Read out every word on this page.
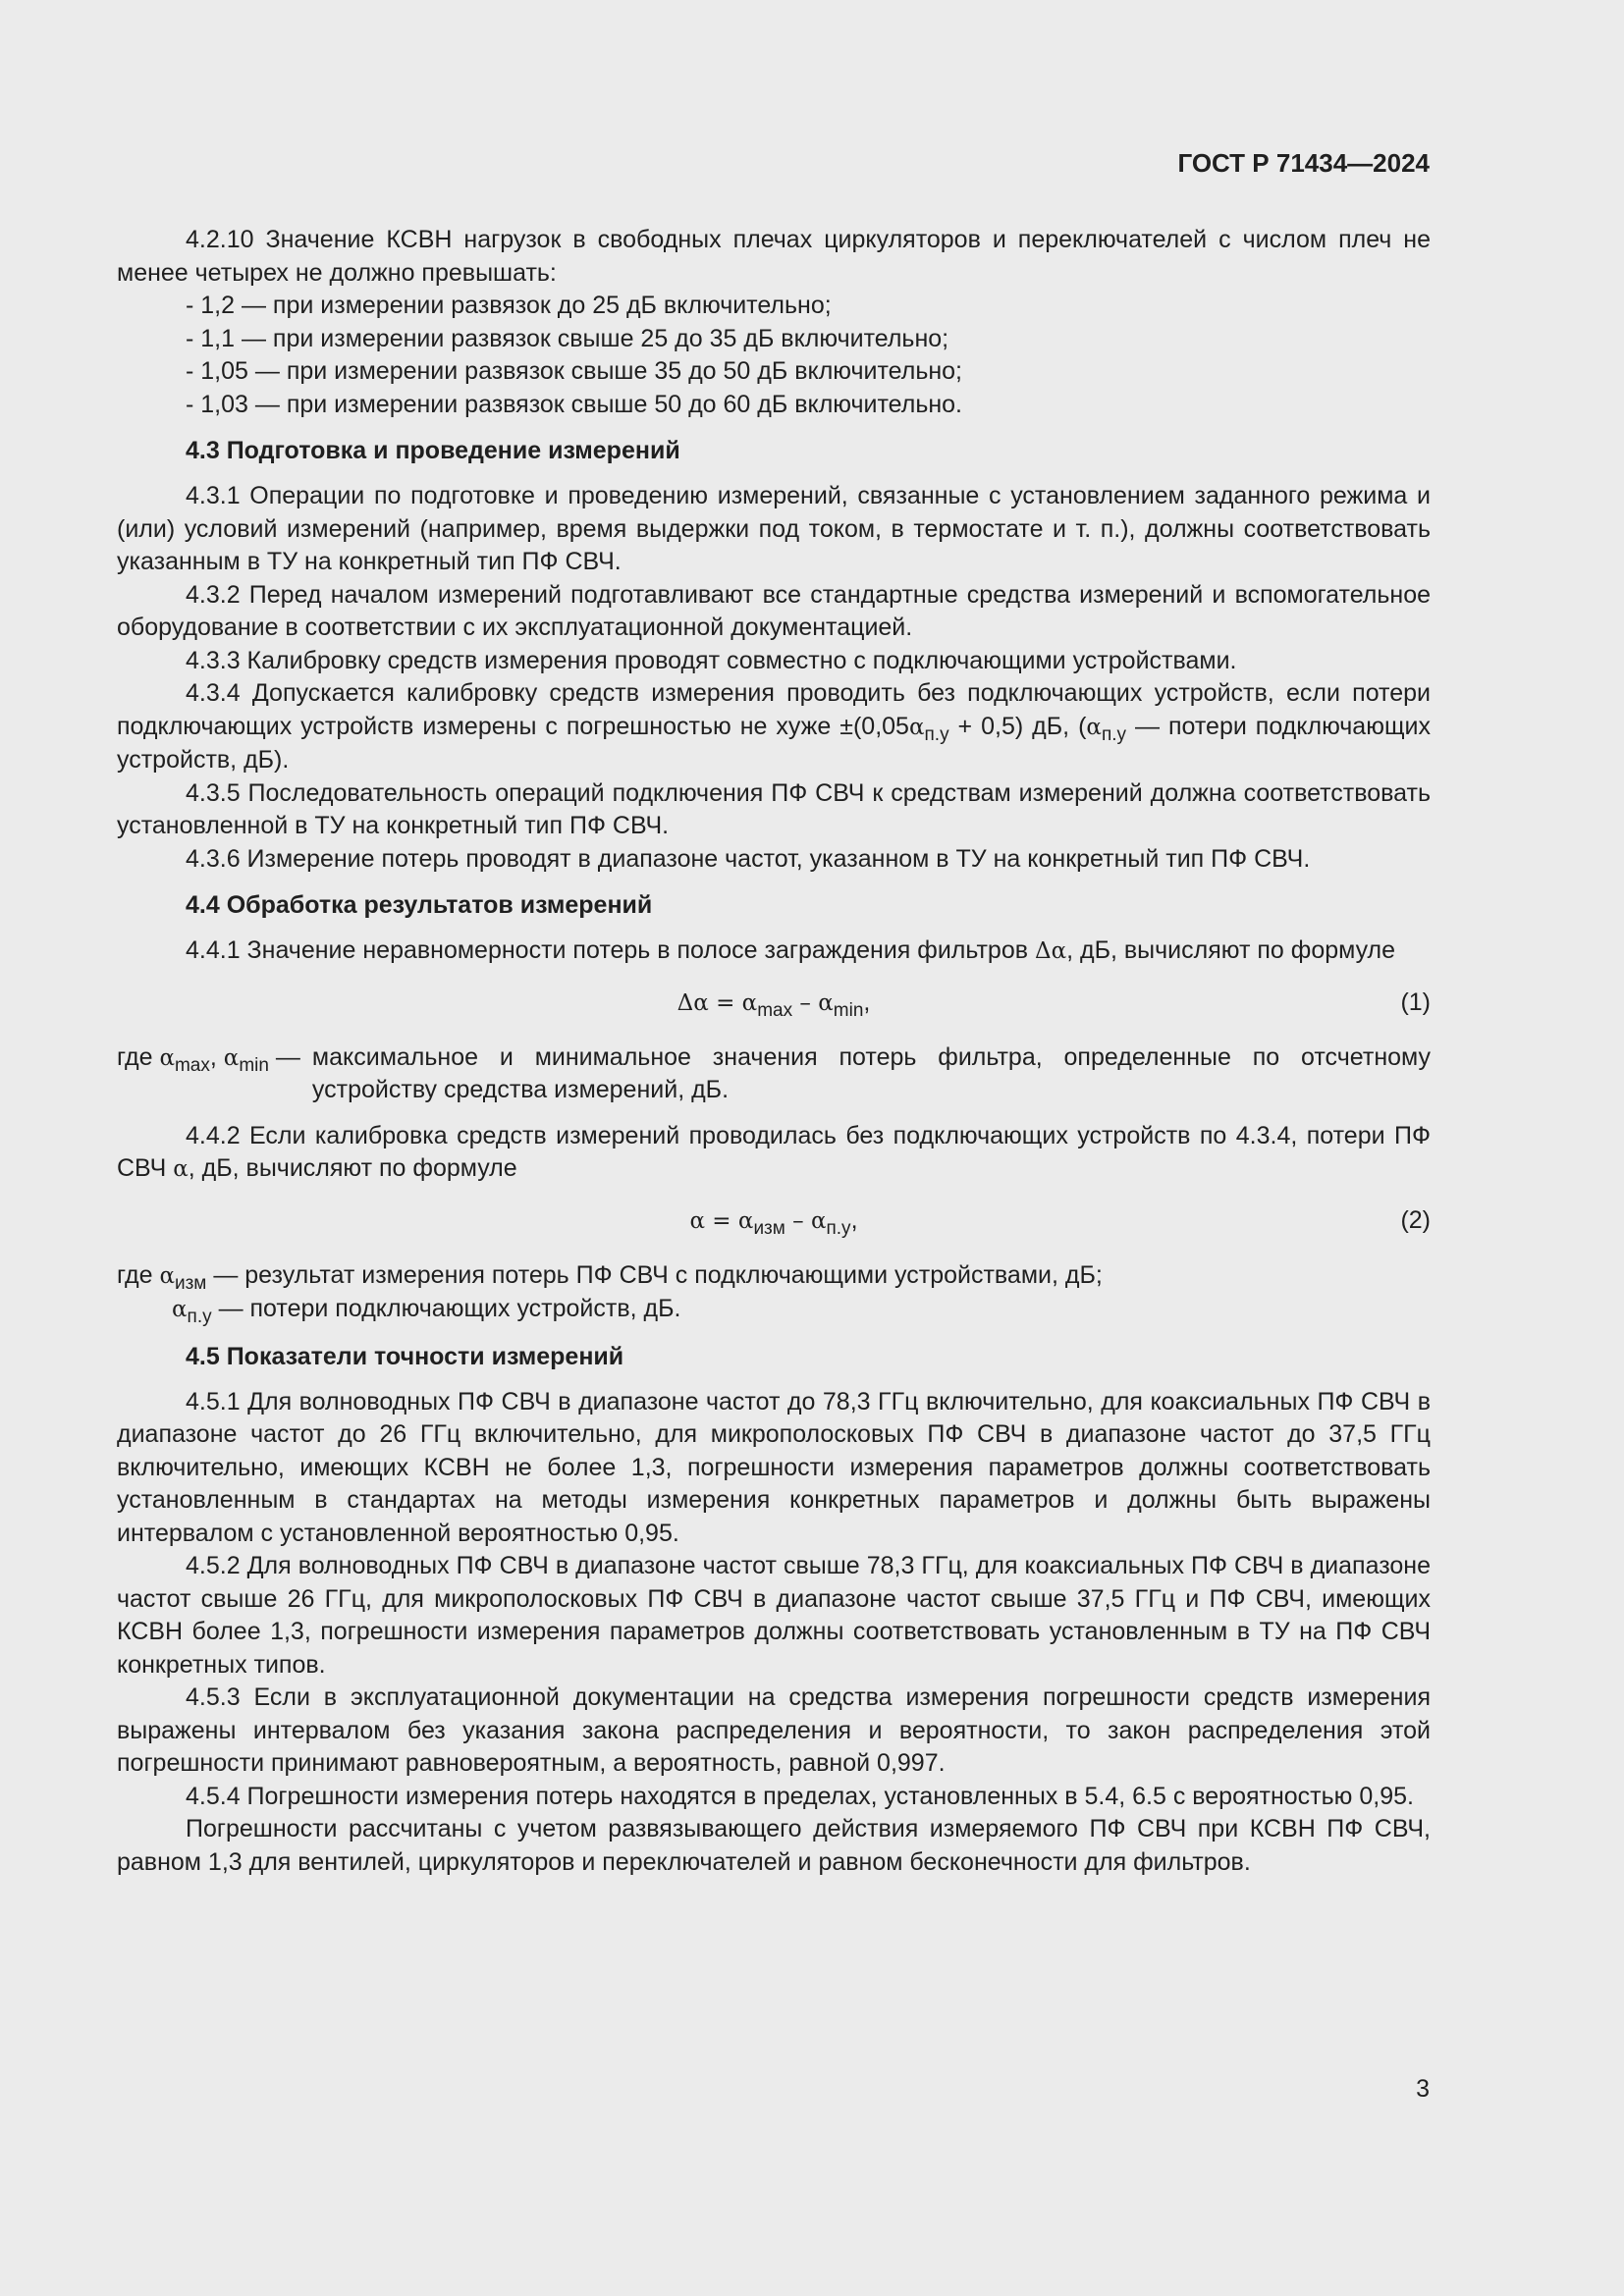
ГОСТ Р 71434—2024

4.2.10 Значение КСВН нагрузок в свободных плечах циркуляторов и переключателей с числом плеч не менее четырех не должно превышать:

- 1,2 — при измерении развязок до 25 дБ включительно;

- 1,1 — при измерении развязок свыше 25 до 35 дБ включительно;

- 1,05 — при измерении развязок свыше 35 до 50 дБ включительно;

- 1,03 — при измерении развязок свыше 50 до 60 дБ включительно.

4.3 Подготовка и проведение измерений

4.3.1 Операции по подготовке и проведению измерений, связанные с установлением заданного режима и (или) условий измерений (например, время выдержки под током, в термостате и т. п.), должны соответствовать указанным в ТУ на конкретный тип ПФ СВЧ.

4.3.2 Перед началом измерений подготавливают все стандартные средства измерений и вспомогательное оборудование в соответствии с их эксплуатационной документацией.

4.3.3 Калибровку средств измерения проводят совместно с подключающими устройствами.

4.3.4 Допускается калибровку средств измерения проводить без подключающих устройств, если потери подключающих устройств измерены с погрешностью не хуже $\pm(0,05\alpha_{п.у} + 0,5)$ дБ, ($\alpha_{п.у}$ — потери подключающих устройств, дБ).

4.3.5 Последовательность операций подключения ПФ СВЧ к средствам измерений должна соответствовать установленной в ТУ на конкретный тип ПФ СВЧ.

4.3.6 Измерение потерь проводят в диапазоне частот, указанном в ТУ на конкретный тип ПФ СВЧ.

4.4 Обработка результатов измерений

4.4.1 Значение неравномерности потерь в полосе заграждения фильтров Δα, дБ, вычисляют по формуле

$\Delta\alpha = \alpha_{max} - \alpha_{min}$,	(1)
где $\alpha_{max}$, $\alpha_{min}$ — максимальное и минимальное значения потерь фильтра, определенные по отсчетному устройству средства измерений, дБ.

4.4.2 Если калибровка средств измерений проводилась без подключающих устройств по 4.3.4, потери ПФ СВЧ α, дБ, вычисляют по формуле

$\alpha = \alpha_{изм} - \alpha_{п.у}$,	(2)

где $\alpha_{изм}$ — результат измерения потерь ПФ СВЧ с подключающими устройствами, дБ;

$\alpha_{п.у}$ — потери подключающих устройств, дБ.

4.5 Показатели точности измерений

4.5.1 Для волноводных ПФ СВЧ в диапазоне частот до 78,3 ГГц включительно, для коаксиальных ПФ СВЧ в диапазоне частот до 26 ГГц включительно, для микрополосковых ПФ СВЧ в диапазоне частот до 37,5 ГГц включительно, имеющих КСВН не более 1,3, погрешности измерения параметров должны соответствовать установленным в стандартах на методы измерения конкретных параметров и должны быть выражены интервалом с установленной вероятностью 0,95.

4.5.2 Для волноводных ПФ СВЧ в диапазоне частот свыше 78,3 ГГц, для коаксиальных ПФ СВЧ в диапазоне частот свыше 26 ГГц, для микрополосковых ПФ СВЧ в диапазоне частот свыше 37,5 ГГц и ПФ СВЧ, имеющих КСВН более 1,3, погрешности измерения параметров должны соответствовать установленным в ТУ на ПФ СВЧ конкретных типов.

4.5.3 Если в эксплуатационной документации на средства измерения погрешности средств измерения выражены интервалом без указания закона распределения и вероятности, то закон распределения этой погрешности принимают равновероятным, а вероятность, равной 0,997.

4.5.4 Погрешности измерения потерь находятся в пределах, установленных в 5.4, 6.5 с вероятностью 0,95.

Погрешности рассчитаны с учетом развязывающего действия измеряемого ПФ СВЧ при КСВН ПФ СВЧ, равном 1,3 для вентилей, циркуляторов и переключателей и равном бесконечности для фильтров.

3
